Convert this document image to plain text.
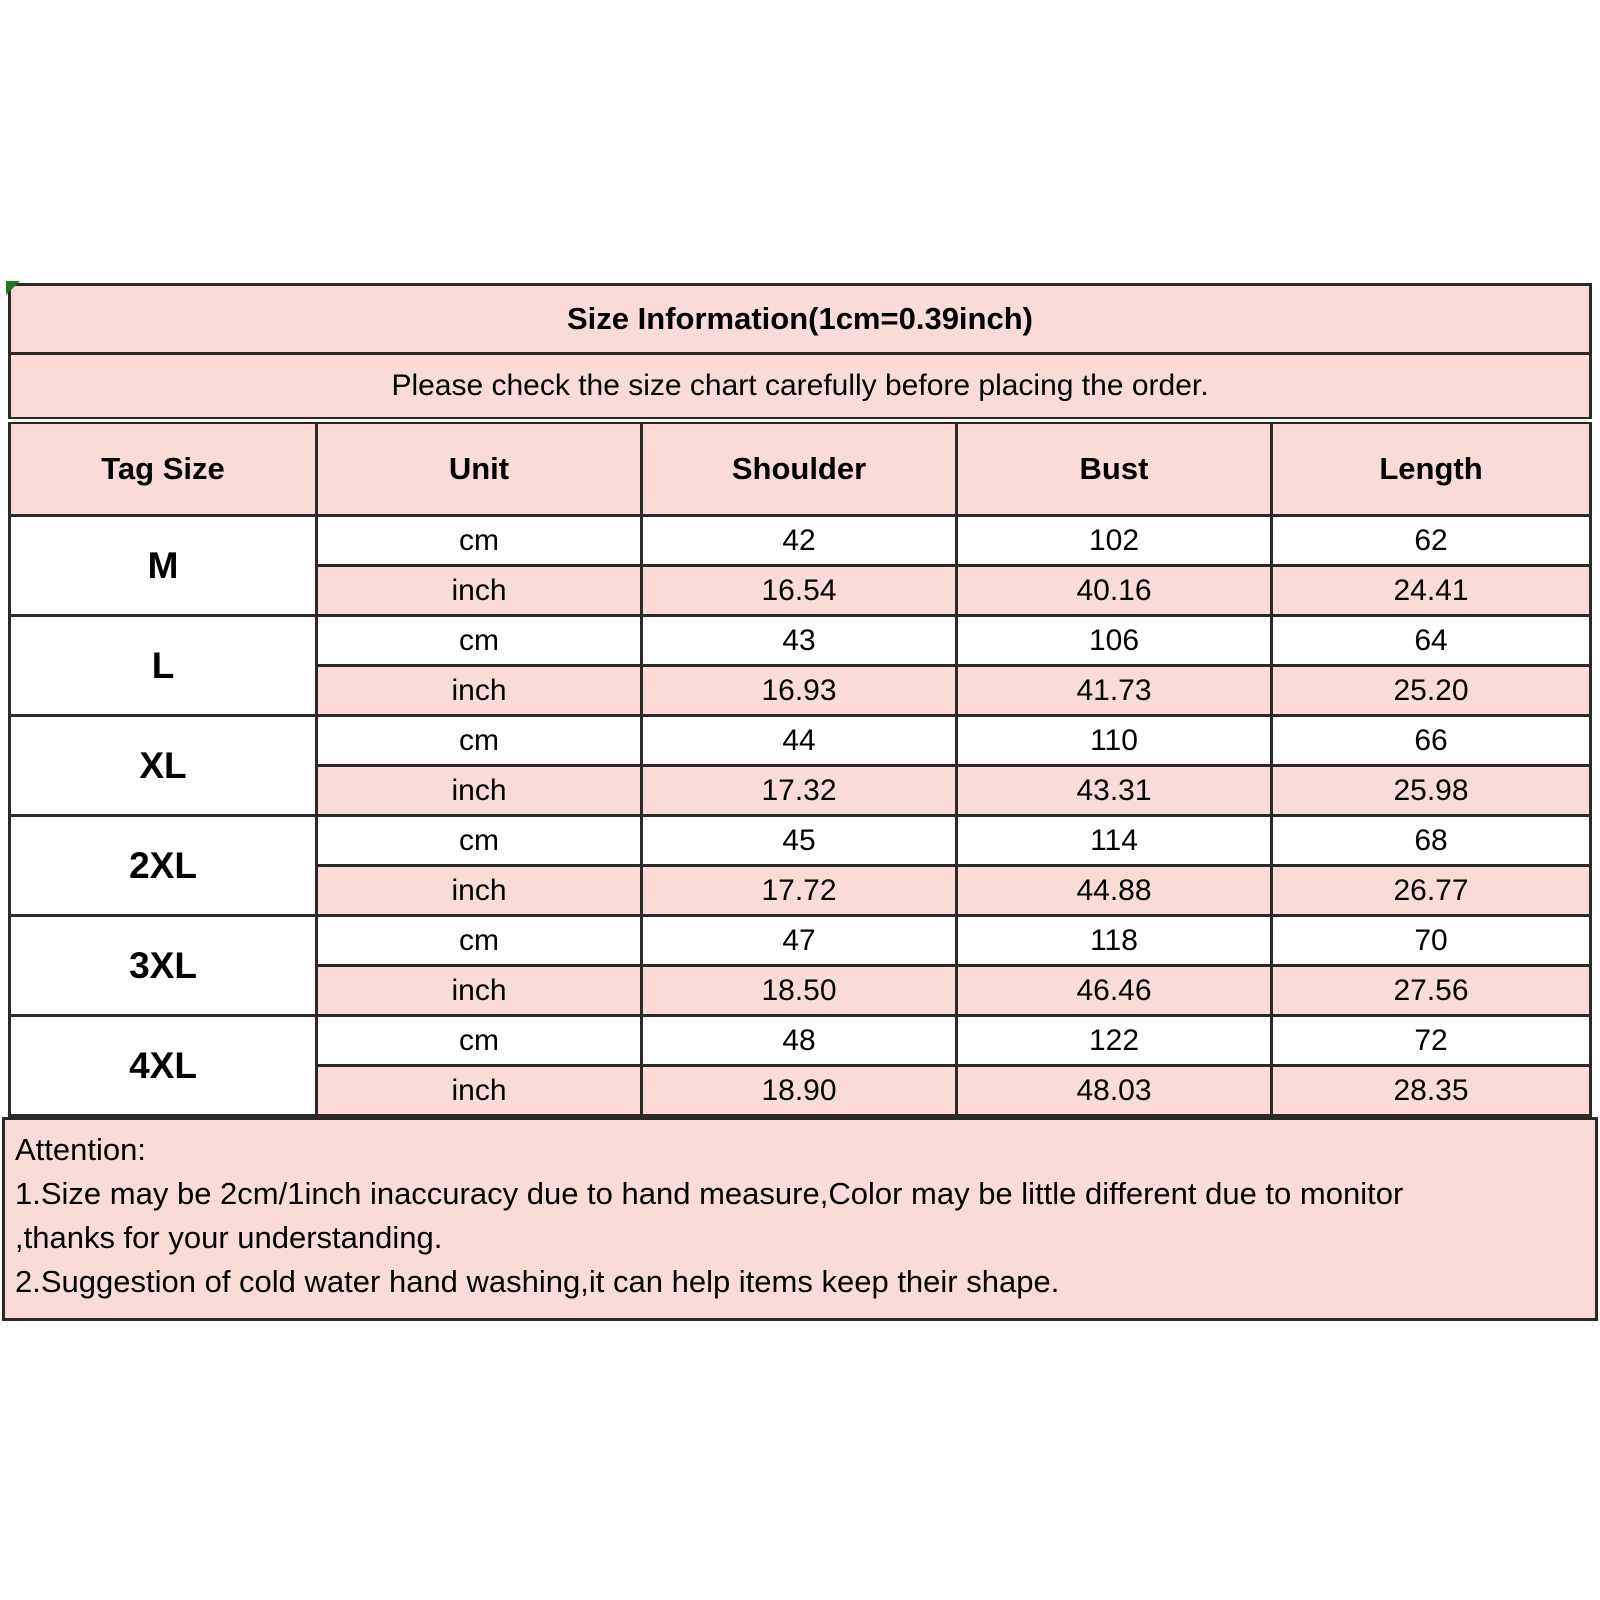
Size Information(1cm=0.39inch)				
Please check the size chart carefully before placing the order.				
Tag Size	Unit	Shoulder	Bust	Length
M	cm	42	102	62
	inch	16.54	40.16	24.41
L	cm	43	106	64
	inch	16.93	41.73	25.20
XL	cm	44	110	66
	inch	17.32	43.31	25.98
2XL	cm	45	114	68
	inch	17.72	44.88	26.77
3XL	cm	47	118	70
	inch	18.50	46.46	27.56
4XL	cm	48	122	72
	inch	18.90	48.03	28.35
Attention:
1.Size may be 2cm/1inch inaccuracy due to hand measure,Color may be little different due to monitor
,thanks for your understanding.
2.Suggestion of cold water hand washing,it can help items keep their shape.
